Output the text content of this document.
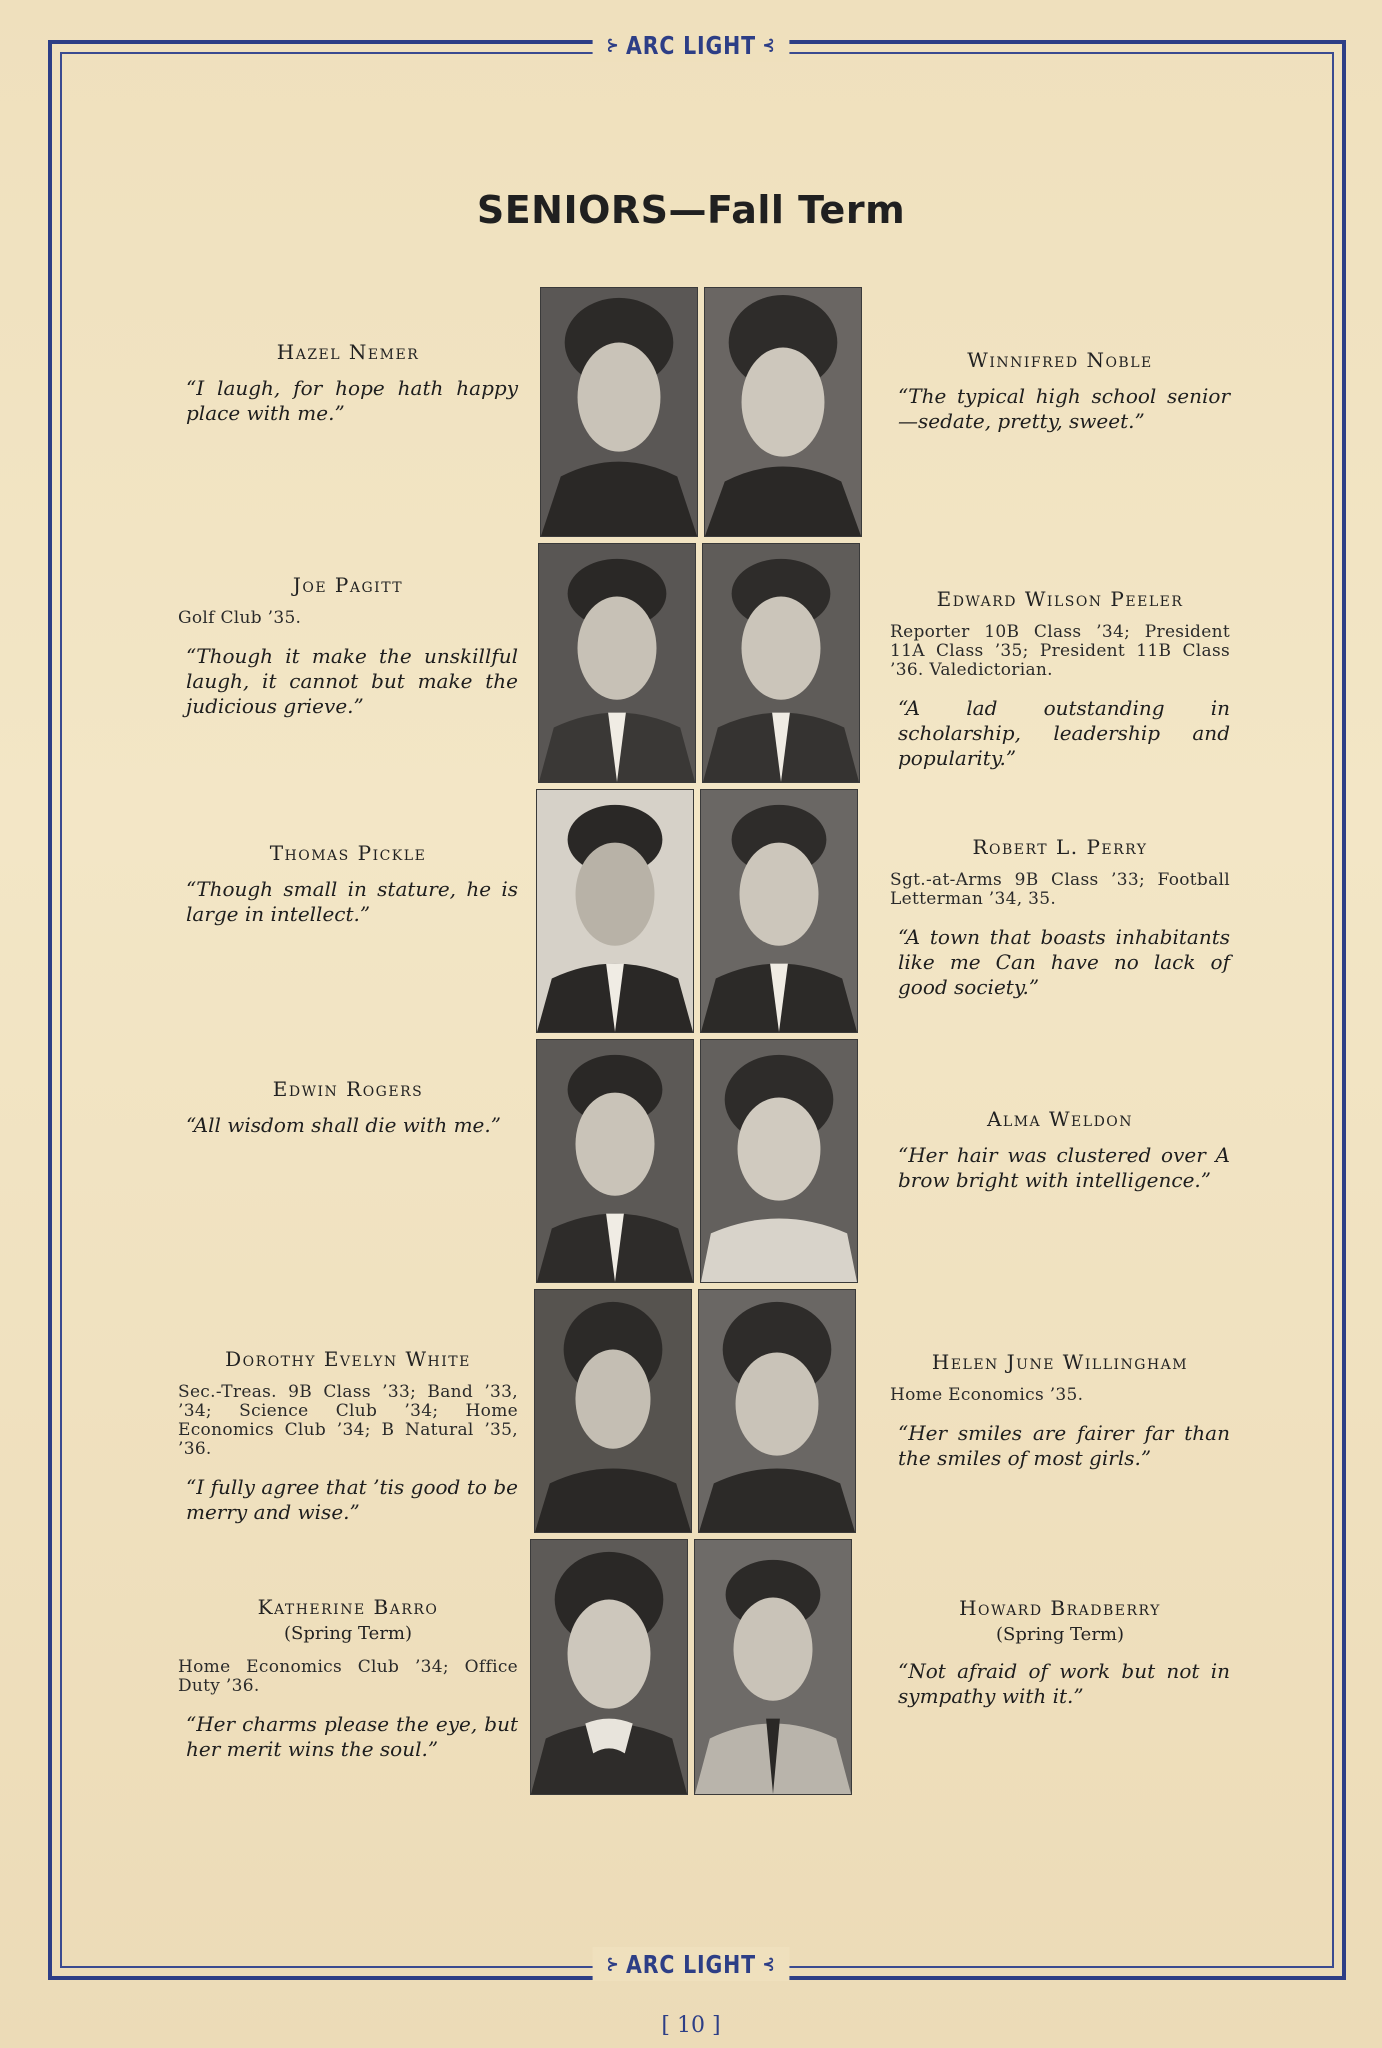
⊱ ARC LIGHT ⊰
SENIORS—Fall Term
Hazel Nemer
“I laugh, for hope hath happy place with me.”
Joe Pagitt
Golf Club ’35.
“Though it make the unskillful laugh, it cannot but make the judicious grieve.”
Thomas Pickle
“Though small in stature, he is large in intellect.”
Edwin Rogers
“All wisdom shall die with me.”
Dorothy Evelyn White
Sec.-Treas. 9B Class ’33; Band ’33, ’34; Science Club ’34; Home Economics Club ’34; B Natural ’35, ’36.
“I fully agree that ’tis good to be merry and wise.”
Katherine Barro
(Spring Term)
Home Economics Club ’34; Office Duty ’36.
“Her charms please the eye, but her merit wins the soul.”
Winnifred Noble
“The typical high school senior—sedate, pretty, sweet.”
Edward Wilson Peeler
Reporter 10B Class ’34; President 11A Class ’35; President 11B Class ’36. Valedictorian.
“A lad outstanding in scholarship, leadership and popularity.”
Robert L. Perry
Sgt.-at-Arms 9B Class ’33; Football Letterman ’34, 35.
“A town that boasts inhabitants like me Can have no lack of good society.”
Alma Weldon
“Her hair was clustered over A brow bright with intelligence.”
Helen June Willingham
Home Economics ’35.
“Her smiles are fairer far than the smiles of most girls.”
Howard Bradberry
(Spring Term)
“Not afraid of work but not in sympathy with it.”
⊱ ARC LIGHT ⊰
[ 10 ]
